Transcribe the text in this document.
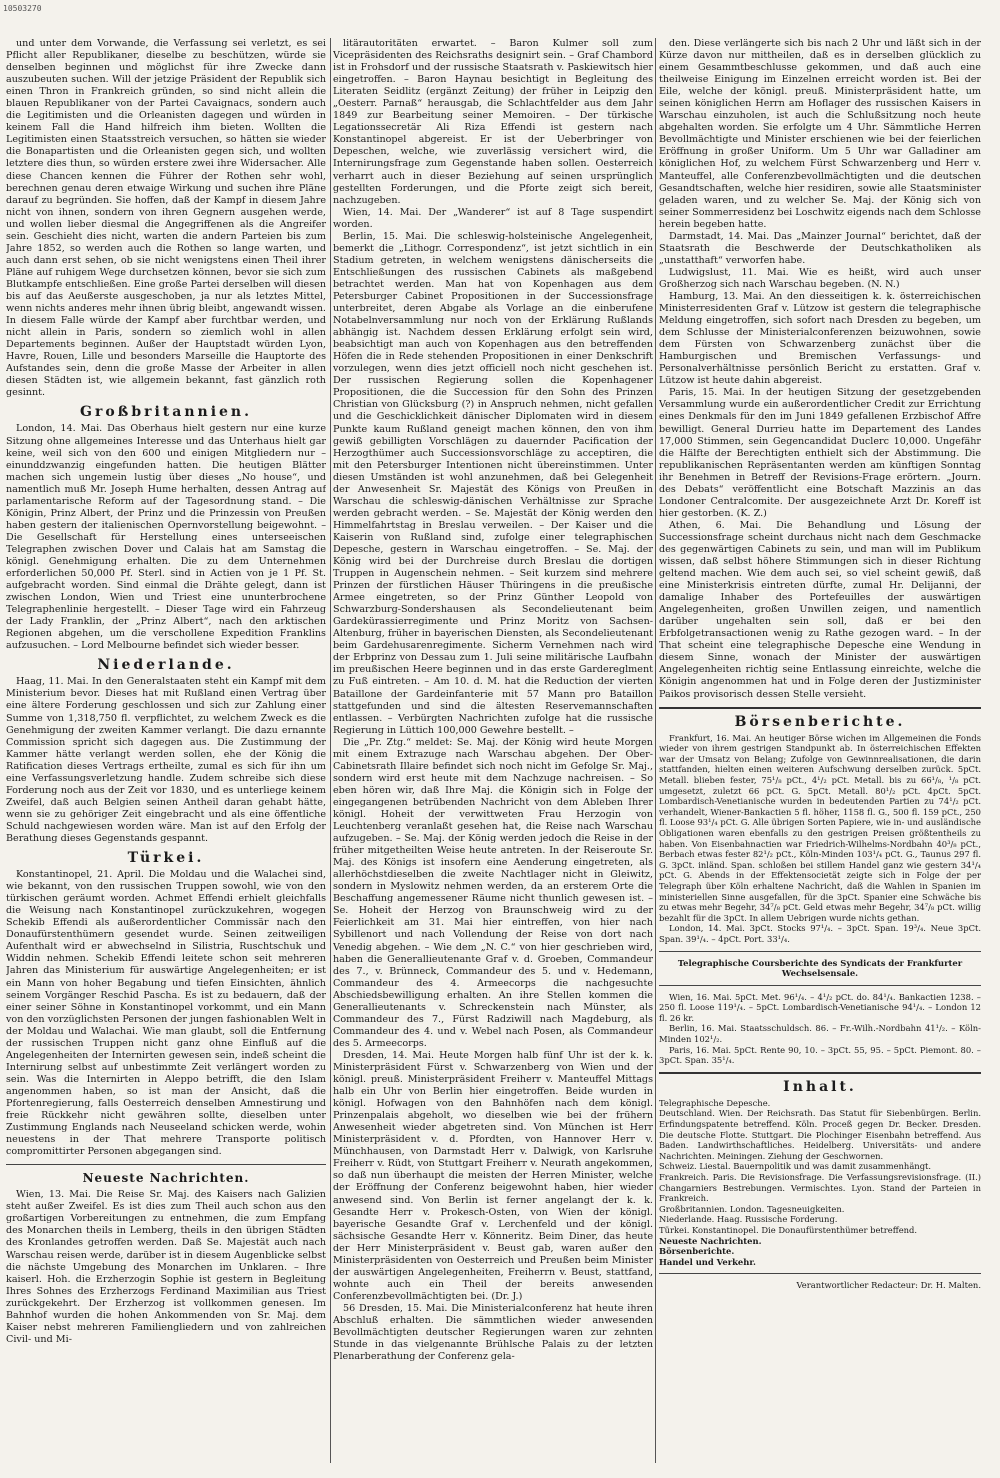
10503270

und unter dem Vorwande, die Verfassung sei verletzt, es sei Pflicht aller Republikaner, dieselbe zu beschützen, würde sie denselben beginnen und möglichst für ihre Zwecke dann auszubeuten suchen. Will der jetzige Präsident der Republik sich einen Thron in Frankreich gründen, so sind nicht allein die blauen Republikaner von der Partei Cavaignacs, sondern auch die Legitimisten und die Orleanisten dagegen und würden in keinem Fall die Hand hilfreich ihm bieten. Wollten die Legitimisten einen Staatsstreich versuchen, so hätten sie wieder die Bonapartisten und die Orleanisten gegen sich, und wollten letztere dies thun, so würden erstere zwei ihre Widersacher. Alle diese Chancen kennen die Führer der Rothen sehr wohl, berechnen genau deren etwaige Wirkung und suchen ihre Pläne darauf zu begründen. Sie hoffen, daß der Kampf in diesem Jahre nicht von ihnen, sondern von ihren Gegnern ausgehen werde, und wollen lieber diesmal die Angegriffenen als die Angreifer sein. Geschieht dies nicht, warten die andern Parteien bis zum Jahre 1852, so werden auch die Rothen so lange warten, und auch dann erst sehen, ob sie nicht wenigstens einen Theil ihrer Pläne auf ruhigem Wege durchsetzen können, bevor sie sich zum Blutkampfe entschließen. Eine große Partei derselben will diesen bis auf das Aeußerste ausgeschoben, ja nur als letztes Mittel, wenn nichts anderes mehr ihnen übrig bleibt, angewandt wissen. In diesem Falle würde der Kampf aber furchtbar werden, und nicht allein in Paris, sondern so ziemlich wohl in allen Departements beginnen. Außer der Hauptstadt würden Lyon, Havre, Rouen, Lille und besonders Marseille die Hauptorte des Aufstandes sein, denn die große Masse der Arbeiter in allen diesen Städten ist, wie allgemein bekannt, fast gänzlich roth gesinnt.

Großbritannien.

London, 14. Mai. Das Oberhaus hielt gestern nur eine kurze Sitzung ohne allgemeines Interesse und das Unterhaus hielt gar keine, weil sich von den 600 und einigen Mitgliedern nur – einunddzwanzig eingefunden hatten. Die heutigen Blätter machen sich ungemein lustig über dieses „No house“, und namentlich muß Mr. Joseph Hume herhalten, dessen Antrag auf parlamentarische Reform auf der Tagesordnung stand. – Die Königin, Prinz Albert, der Prinz und die Prinzessin von Preußen haben gestern der italienischen Opernvorstellung beigewohnt. – Die Gesellschaft für Herstellung eines unterseeischen Telegraphen zwischen Dover und Calais hat am Samstag die königl. Genehmigung erhalten. Die zu dem Unternehmen erforderlichen 50,000 Pf. Sterl. sind in Actien von je 1 Pf. St. aufgebracht worden. Sind einmal die Drähte gelegt, dann ist zwischen London, Wien und Triest eine ununterbrochene Telegraphenlinie hergestellt. – Dieser Tage wird ein Fahrzeug der Lady Franklin, der „Prinz Albert“, nach den arktischen Regionen abgehen, um die verschollene Expedition Franklins aufzusuchen. – Lord Melbourne befindet sich wieder besser.

Niederlande.

Haag, 11. Mai. In den Generalstaaten steht ein Kampf mit dem Ministerium bevor. Dieses hat mit Rußland einen Vertrag über eine ältere Forderung geschlossen und sich zur Zahlung einer Summe von 1,318,750 fl. verpflichtet, zu welchem Zweck es die Genehmigung der zweiten Kammer verlangt. Die dazu ernannte Commission spricht sich dagegen aus. Die Zustimmung der Kammer hätte verlangt werden sollen, ehe der König die Ratification dieses Vertrags ertheilte, zumal es sich für ihn um eine Verfassungsverletzung handle. Zudem schreibe sich diese Forderung noch aus der Zeit vor 1830, und es unterliege keinem Zweifel, daß auch Belgien seinen Antheil daran gehabt hätte, wenn sie zu gehöriger Zeit eingebracht und als eine öffentliche Schuld nachgewiesen worden wäre. Man ist auf den Erfolg der Berathung dieses Gegenstands gespannt.

Türkei.

Konstantinopel, 21. April. Die Moldau und die Walachei sind, wie bekannt, von den russischen Truppen sowohl, wie von den türkischen geräumt worden. Achmet Effendi erhielt gleichfalls die Weisung nach Konstantinopel zurückzukehren, wogegen Schekib Effendi als außerordentlicher Commissär nach den Donaufürstenthümern gesendet wurde. Seinen zeitweiligen Aufenthalt wird er abwechselnd in Silistria, Ruschtschuk und Widdin nehmen. Schekib Effendi leitete schon seit mehreren Jahren das Ministerium für auswärtige Angelegenheiten; er ist ein Mann von hoher Begabung und tiefen Einsichten, ähnlich seinem Vorgänger Reschid Pascha. Es ist zu bedauern, daß der einer seiner Söhne in Konstantinopel vorkommt, und ein Mann von den vorzüglichsten Personen der jungen fashionablen Welt in der Moldau und Walachai. Wie man glaubt, soll die Entfernung der russischen Truppen nicht ganz ohne Einfluß auf die Angelegenheiten der Internirten gewesen sein, indeß scheint die Internirung selbst auf unbestimmte Zeit verlängert worden zu sein. Was die Internirten in Aleppo betrifft, die den Islam angenommen haben, so ist man der Ansicht, daß die Pfortenregierung, falls Oesterreich denselben Amnestirung und freie Rückkehr nicht gewähren sollte, dieselben unter Zustimmung Englands nach Neuseeland schicken werde, wohin neuestens in der That mehrere Transporte politisch compromittirter Personen abgegangen sind.

Neueste Nachrichten.

Wien, 13. Mai. Die Reise Sr. Maj. des Kaisers nach Galizien steht außer Zweifel. Es ist dies zum Theil auch schon aus den großartigen Vorbereitungen zu entnehmen, die zum Empfang des Monarchen theils in Lemberg, theils in den übrigen Städten des Kronlandes getroffen werden. Daß Se. Majestät auch nach Warschau reisen werde, darüber ist in diesem Augenblicke selbst die nächste Umgebung des Monarchen im Unklaren. – Ihre kaiserl. Hoh. die Erzherzogin Sophie ist gestern in Begleitung Ihres Sohnes des Erzherzogs Ferdinand Maximilian aus Triest zurückgekehrt. Der Erzherzog ist vollkommen genesen. Im Bahnhof wurden die hohen Ankommenden von Sr. Maj. dem Kaiser nebst mehreren Familiengliedern und von zahlreichen Civil- und Mi-

litärautoritäten erwartet. – Baron Kulmer soll zum Vicepräsidenten des Reichsraths designirt sein. – Graf Chambord ist in Frohsdorf und der russische Staatsrath v. Paskiewitsch hier eingetroffen. – Baron Haynau besichtigt in Begleitung des Literaten Seidlitz (ergänzt Zeitung) der früher in Leipzig den „Oesterr. Parnaß“ herausgab, die Schlachtfelder aus dem Jahr 1849 zur Bearbeitung seiner Memoiren. – Der türkische Legationssecretär Ali Riza Effendi ist gestern nach Konstantinopel abgereist. Er ist der Ueberbringer von Depeschen, welche, wie zuverlässig versichert wird, die Internirungsfrage zum Gegenstande haben sollen. Oesterreich verharrt auch in dieser Beziehung auf seinen ursprünglich gestellten Forderungen, und die Pforte zeigt sich bereit, nachzugeben.

Wien, 14. Mai. Der „Wanderer“ ist auf 8 Tage suspendirt worden.

Berlin, 15. Mai. Die schleswig-holsteinische Angelegenheit, bemerkt die „Lithogr. Correspondenz“, ist jetzt sichtlich in ein Stadium getreten, in welchem wenigstens dänischerseits die Entschließungen des russischen Cabinets als maßgebend betrachtet werden. Man hat von Kopenhagen aus dem Petersburger Cabinet Propositionen in der Successionsfrage unterbreitet, deren Abgabe als Vorlage an die einberufene Notabelnversammlung nur noch von der Erklärung Rußlands abhängig ist. Nachdem dessen Erklärung erfolgt sein wird, beabsichtigt man auch von Kopenhagen aus den betreffenden Höfen die in Rede stehenden Propositionen in einer Denkschrift vorzulegen, wenn dies jetzt officiell noch nicht geschehen ist. Der russischen Regierung sollen die Kopenhagener Propositionen, die die Succession für den Sohn des Prinzen Christian von Glücksburg (?) in Anspruch nehmen, nicht gefallen und die Geschicklichkeit dänischer Diplomaten wird in diesem Punkte kaum Rußland geneigt machen können, den von ihm gewiß gebilligten Vorschlägen zu dauernder Pacification der Herzogthümer auch Successionsvorschläge zu acceptiren, die mit den Petersburger Intentionen nicht übereinstimmen. Unter diesen Umständen ist wohl anzunehmen, daß bei Gelegenheit der Anwesenheit Sr. Majestät des Königs von Preußen in Warschau die schleswig-dänischen Verhältnisse zur Sprache werden gebracht werden. – Se. Majestät der König werden den Himmelfahrtstag in Breslau verweilen. – Der Kaiser und die Kaiserin von Rußland sind, zufolge einer telegraphischen Depesche, gestern in Warschau eingetroffen. – Se. Maj. der König wird bei der Durchreise durch Breslau die dortigen Truppen in Augenschein nehmen. – Seit kurzem sind mehrere Prinzen der fürstlichen Häuser Thüringens in die preußische Armee eingetreten, so der Prinz Günther Leopold von Schwarzburg-Sondershausen als Secondelieutenant beim Gardekürassierregimente und Prinz Moritz von Sachsen-Altenburg, früher in bayerischen Diensten, als Secondelieutenant beim Gardehusarenregimente. Sicherm Vernehmen nach wird der Erbprinz von Dessau zum 1. Juli seine militärische Laufbahn im preußischen Heere beginnen und in das erste Gardereglment zu Fuß eintreten. – Am 10. d. M. hat die Reduction der vierten Bataillone der Gardeinfanterie mit 57 Mann pro Bataillon stattgefunden und sind die ältesten Reservemannschaften entlassen. – Verbürgten Nachrichten zufolge hat die russische Regierung in Lüttich 100,000 Gewehre bestellt. –

Die „Pr. Ztg.“ meldet: Se. Maj. der König wird heute Morgen mit einem Extrazuge nach Warschau abgehen. Der Ober-Cabinetsrath Illaire befindet sich noch nicht im Gefolge Sr. Maj., sondern wird erst heute mit dem Nachzuge nachreisen. – So eben hören wir, daß Ihre Maj. die Königin sich in Folge der eingegangenen betrübenden Nachricht von dem Ableben Ihrer königl. Hoheit der verwittweten Frau Herzogin von Leuchtenberg veranlaßt gesehen hat, die Reise nach Warschau aufzugeben. – Se. Maj. der König werden jedoch die Reise in der früher mitgetheilten Weise heute antreten. In der Reiseroute Sr. Maj. des Königs ist insofern eine Aenderung eingetreten, als allerhöchstdieselben die zweite Nachtlager nicht in Gleiwitz, sondern in Myslowitz nehmen werden, da an ersterem Orte die Beschaffung angemessener Räume nicht thunlich gewesen ist. – Se. Hoheit der Herzog von Braunschweig wird zu der Feierlichkeit am 31. Mai hier eintreffen, von hier nach Sybillenort und nach Vollendung der Reise von dort nach Venedig abgehen. – Wie dem „N. C.“ von hier geschrieben wird, haben die Generallieutenante Graf v. d. Groeben, Commandeur des 7., v. Brünneck, Commandeur des 5. und v. Hedemann, Commandeur des 4. Armeecorps die nachgesuchte Abschiedsbewilligung erhalten. An ihre Stellen kommen die Generallieutenants v. Schreckenstein nach Münster, als Commandeur des 7., Fürst Radziwill nach Magdeburg, als Commandeur des 4. und v. Webel nach Posen, als Commandeur des 5. Armeecorps.

Dresden, 14. Mai. Heute Morgen halb fünf Uhr ist der k. k. Ministerpräsident Fürst v. Schwarzenberg von Wien und der königl. preuß. Ministerpräsident Freiherr v. Manteuffel Mittags halb ein Uhr von Berlin hier eingetroffen. Beide wurden in königl. Hofwagen von den Bahnhöfen nach dem königl. Prinzenpalais abgeholt, wo dieselben wie bei der frühern Anwesenheit wieder abgetreten sind. Von München ist Herr Ministerpräsident v. d. Pfordten, von Hannover Herr v. Münchhausen, von Darmstadt Herr v. Dalwigk, von Karlsruhe Freiherr v. Rüdt, von Stuttgart Freiherr v. Neurath angekommen, so daß nun überhaupt die meisten der Herren Minister, welche der Eröffnung der Conferenz beigewohnt haben, hier wieder anwesend sind. Von Berlin ist ferner angelangt der k. k. Gesandte Herr v. Prokesch-Osten, von Wien der königl. bayerische Gesandte Graf v. Lerchenfeld und der königl. sächsische Gesandte Herr v. Könneritz. Beim Diner, das heute der Herr Ministerpräsident v. Beust gab, waren außer den Ministerpräsidenten von Oesterreich und Preußen beim Minister der auswärtigen Angelegenheiten, Freiherrn v. Beust, stattfand, wohnte auch ein Theil der bereits anwesenden Conferenzbevollmächtigten bei. (Dr. J.)

56 Dresden, 15. Mai. Die Ministerialconferenz hat heute ihren Abschluß erhalten. Die sämmtlichen wieder anwesenden Bevollmächtigten deutscher Regierungen waren zur zehnten Stunde in das vielgenannte Brühlsche Palais zu der letzten Plenarberathung der Conferenz gela-

den. Diese verlängerte sich bis nach 2 Uhr und läßt sich in der Kürze davon nur mittheilen, daß es in derselben glücklich zu einem Gesammtbeschlusse gekommen, und daß auch eine theilweise Einigung im Einzelnen erreicht worden ist. Bei der Eile, welche der königl. preuß. Ministerpräsident hatte, um seinen königlichen Herrn am Hoflager des russischen Kaisers in Warschau einzuholen, ist auch die Schlußsitzung noch heute abgehalten worden. Sie erfolgte um 4 Uhr. Sämmtliche Herren Bevollmächtigte und Minister erschienen wie bei der feierlichen Eröffnung in großer Uniform. Um 5 Uhr war Galladiner am königlichen Hof, zu welchem Fürst Schwarzenberg und Herr v. Manteuffel, alle Conferenzbevollmächtigten und die deutschen Gesandtschaften, welche hier residiren, sowie alle Staatsminister geladen waren, und zu welcher Se. Maj. der König sich von seiner Sommerresidenz bei Loschwitz eigends nach dem Schlosse herein begeben hatte.

Darmstadt, 14. Mai. Das „Mainzer Journal“ berichtet, daß der Staatsrath die Beschwerde der Deutschkatholiken als „unstatthaft“ verworfen habe.

Ludwigslust, 11. Mai. Wie es heißt, wird auch unser Großherzog sich nach Warschau begeben. (N. N.)

Hamburg, 13. Mai. An den diesseitigen k. k. österreichischen Ministerresidenten Graf v. Lützow ist gestern die telegraphische Meldung eingetroffen, sich sofort nach Dresden zu begeben, um dem Schlusse der Ministerialconferenzen beizuwohnen, sowie dem Fürsten von Schwarzenberg zunächst über die Hamburgischen und Bremischen Verfassungs- und Personalverhältnisse persönlich Bericht zu erstatten. Graf v. Lützow ist heute dahin abgereist.

Paris, 15. Mai. In der heutigen Sitzung der gesetzgebenden Versammlung wurde ein außerordentlicher Credit zur Errichtung eines Denkmals für den im Juni 1849 gefallenen Erzbischof Affre bewilligt. General Durrieu hatte im Departement des Landes 17,000 Stimmen, sein Gegencandidat Duclerc 10,000. Ungefähr die Hälfte der Berechtigten enthielt sich der Abstimmung. Die republikanischen Repräsentanten werden am künftigen Sonntag ihr Benehmen in Betreff der Revisions-Frage erörtern. „Journ. des Debats“ veröffentlicht eine Botschaft Mazzinis an das Londoner Centralcomite. Der ausgezeichnete Arzt Dr. Koreff ist hier gestorben. (K. Z.)

Athen, 6. Mai. Die Behandlung und Lösung der Successionsfrage scheint durchaus nicht nach dem Geschmacke des gegenwärtigen Cabinets zu sein, und man will im Publikum wissen, daß selbst höhere Stimmungen sich in dieser Richtung geltend machen. Wie dem auch sei, so viel scheint gewiß, daß eine Ministerkrisis eintreten dürfte, zumal Hr. Delijanni, der damalige Inhaber des Portefeuilles der auswärtigen Angelegenheiten, großen Unwillen zeigen, und namentlich darüber ungehalten sein soll, daß er bei den Erbfolgetransactionen wenig zu Rathe gezogen ward. – In der That scheint eine telegraphische Depesche eine Wendung in diesem Sinne, wonach der Minister der auswärtigen Angelegenheiten richtig seine Entlassung einreichte, welche die Königin angenommen hat und in Folge deren der Justizminister Paikos provisorisch dessen Stelle versieht.

Börsenberichte.

Frankfurt, 16. Mai. An heutiger Börse wichen im Allgemeinen die Fonds wieder von ihrem gestrigen Standpunkt ab. In österreichischen Effekten war der Umsatz von Belang; Zufolge von Gewinnrealisationen, die darin stattfanden, hielten einen weiteren Aufschwung derselben zurück. 5pCt. Metall. blieben fester, 75¹/₈ pCt., 4¹/₂ pCt. Metall. bis zu 66¹/₈, ¹/₈ pCt. umgesetzt, zuletzt 66 pCt. G. 5pCt. Metall. 80¹/₂ pCt. 4pCt. 5pCt. Lombardisch-Venetianische wurden in bedeutenden Partien zu 74¹/₂ pCt. verhandelt, Wiener-Bankactien 5 fl. höher, 1158 fl. G., 500 fl. 159 pCt., 250 fl. Loose 93¹/₄ pCt. G. Alle übrigen Sorten Papiere, wie in- und ausländische Obligationen waren ebenfalls zu den gestrigen Preisen größtentheils zu haben. Von Eisenbahnactien war Friedrich-Wilhelms-Nordbahn 40³/₈ pCt., Berbach etwas fester 82¹/₂ pCt., Köln-Minden 103¹/₄ pCt. G., Taunus 297 fl. G. 3pCt. inländ. Span. schloßen bei stillem Handel ganz wie gestern 34¹/₄ pCt. G. Abends in der Effektensocietät zeigte sich in Folge der per Telegraph über Köln erhaltene Nachricht, daß die Wahlen in Spanien im ministeriellen Sinne ausgefallen, für die 3pCt. Spanier eine Schwäche bis zu etwas mehr Begehr, 34⁷/₈ pCt. Geld etwas mehr Begehr, 34⁷/₈ pCt. willig bezahlt für die 3pCt. In allem Uebrigen wurde nichts gethan.

London, 14. Mai. 3pCt. Stocks 97¹/₄. – 3pCt. Span. 19³/₄. Neue 3pCt. Span. 39¹/₄. – 4pCt. Port. 33¹/₄.

Telegraphische Coursberichte des Syndicats der Frankfurter Wechselsensale.

Wien, 16. Mai. 5pCt. Met. 96¹/₄. – 4¹/₂ pCt. do. 84¹/₄. Bankactien 1238. – 250 fl. Loose 119¹/₄. – 5pCt. Lombardisch-Venetianische 94¹/₄. – London 12 fl. 26 kr.

Berlin, 16. Mai. Staatsschuldsch. 86. – Fr.-Wilh.-Nordbahn 41¹/₂. – Köln-Minden 102¹/₂.

Paris, 16. Mai. 5pCt. Rente 90, 10. – 3pCt. 55, 95. – 5pCt. Piemont. 80. – 3pCt. Span. 35¹/₄.

Inhalt.

Telegraphische Depesche.

Deutschland. Wien. Der Reichsrath. Das Statut für Siebenbürgen. Berlin. Erfindungspatente betreffend. Köln. Proceß gegen Dr. Becker. Dresden. Die deutsche Flotte. Stuttgart. Die Plochinger Eisenbahn betreffend. Aus Baden. Landwirthschaftliches. Heidelberg. Universitäts- und andere Nachrichten. Meiningen. Ziehung der Geschwornen.

Schweiz. Liestal. Bauernpolitik und was damit zusammenhängt.

Frankreich. Paris. Die Revisionsfrage. Die Verfassungsrevisionsfrage. (II.) Changarniers Bestrebungen. Vermischtes. Lyon. Stand der Parteien in Frankreich.

Großbritannien. London. Tagesneuigkeiten.

Niederlande. Haag. Russische Forderung.

Türkei. Konstantinopel. Die Donaufürstenthümer betreffend.

Neueste Nachrichten.

Börsenberichte.

Handel und Verkehr.

Verantwortlicher Redacteur: Dr. H. Malten.
